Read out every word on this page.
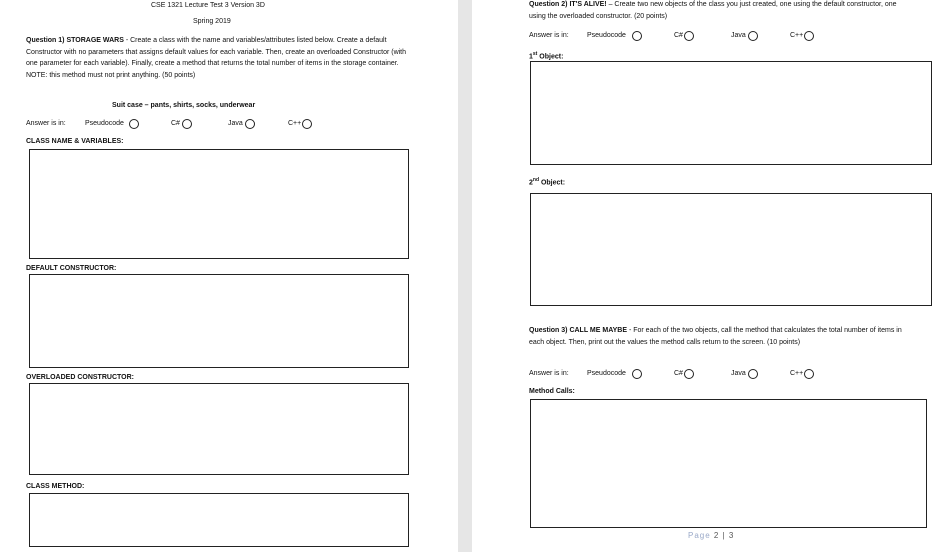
CSE 1321 Lecture Test 3 Version 3D
Spring 2019
Question 1) STORAGE WARS - Create a class with the name and variables/attributes listed below. Create a default Constructor with no parameters that assigns default values for each variable. Then, create an overloaded Constructor (with one parameter for each variable). Finally, create a method that returns the total number of items in the storage container. NOTE: this method must not print anything. (50 points)
Suit case – pants, shirts, socks, underwear
Answer is in:	Pseudocode	C#	Java	C++
CLASS NAME & VARIABLES:
DEFAULT CONSTRUCTOR:
OVERLOADED CONSTRUCTOR:
CLASS METHOD:
Question 2) IT'S ALIVE! – Create two new objects of the class you just created, one using the default constructor, one using the overloaded constructor. (20 points)
Answer is in:	Pseudocode	C#	Java	C++
1st Object:
2nd Object:
Question 3) CALL ME MAYBE - For each of the two objects, call the method that calculates the total number of items in each object. Then, print out the values the method calls return to the screen. (10 points)
Answer is in:	Pseudocode	C#	Java	C++
Method Calls:
Page 2 | 3
